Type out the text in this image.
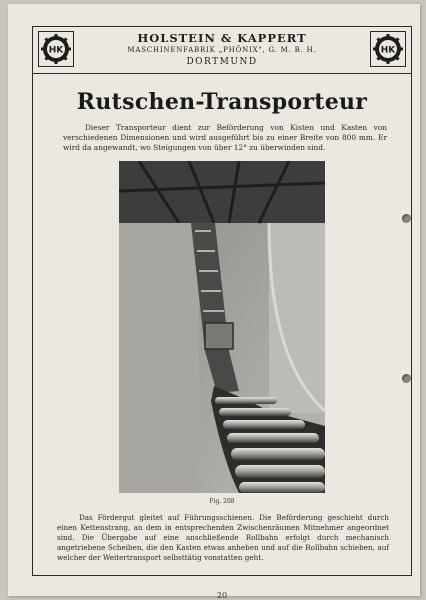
HK
HOLSTEIN & KAPPERT
MASCHINENFABRIK „PHÖNIX", G. M. B. H.
DORTMUND
HK
Rutschen-Transporteur
Dieser Transporteur dient zur Beförderung von Kisten und Kasten von verschiedenen Dimensionen und wird ausgeführt bis zu einer Breite von 800 mm. Er wird da angewandt, wo Steigungen von über 12° zu überwinden sind.
Fig. 208
Das Fördergut gleitet auf Führungsschienen. Die Beförderung geschieht durch einen Kettenstrang, an dem in entsprechenden Zwischenräumen Mitnehmer angeordnet sind. Die Übergabe auf eine anschließende Rollbahn erfolgt durch mechanisch angetriebene Scheiben, die den Kasten etwas anheben und auf die Rollbahn schieben, auf welcher der Weitertransport selbsttätig vonstatten geht.
20
